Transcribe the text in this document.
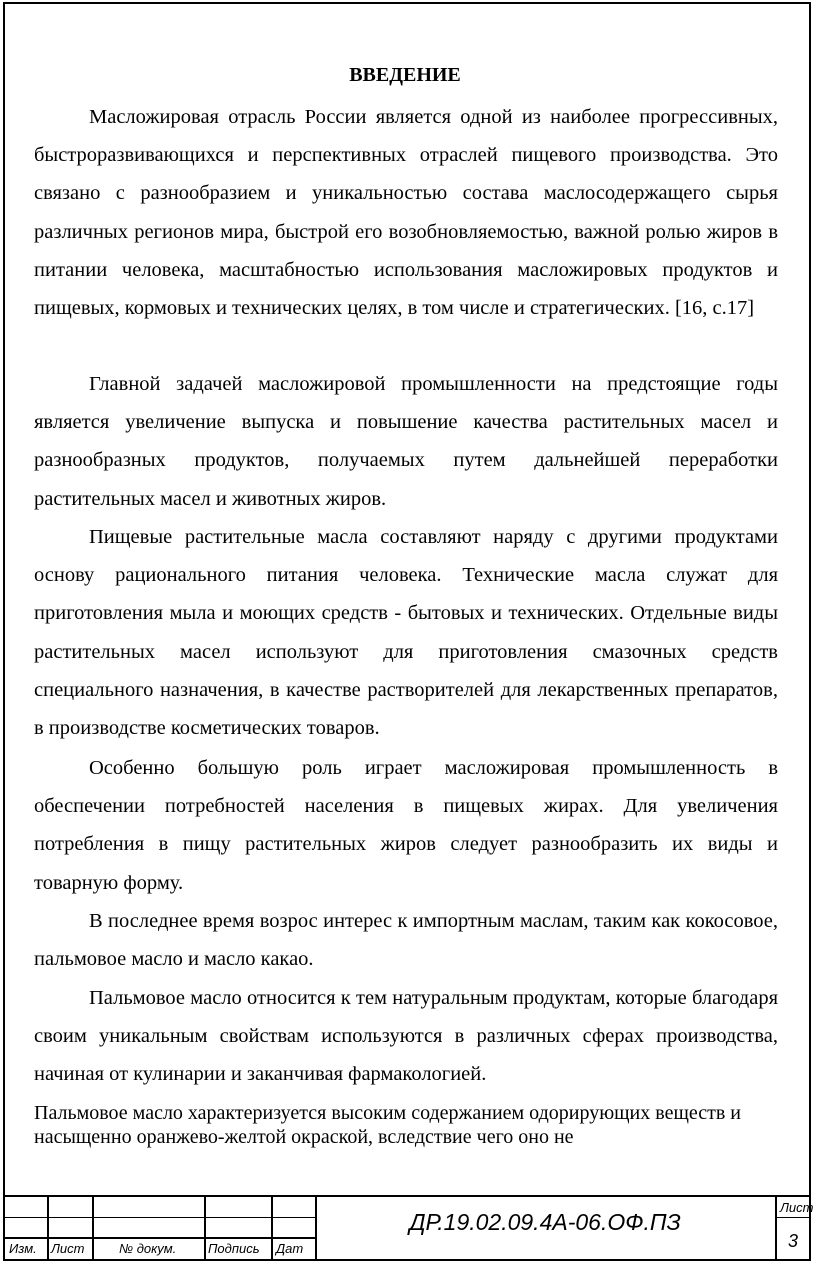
ВВЕДЕНИЕ

Масложировая отрасль России является одной из наиболее прогрессивных, быстроразвивающихся и перспективных отраслей пищевого производства. Это связано с разнообразием и уникальностью состава маслосодержащего сырья различных регионов мира, быстрой его возобновляемостью, важной ролью жиров в питании человека, масштабностью использования масложировых продуктов и пищевых, кормовых и технических целях, в том числе и стратегических. [16, с.17]

Главной задачей масложировой промышленности на предстоящие годы является увеличение выпуска и повышение качества растительных масел и разнообразных продуктов, получаемых путем дальнейшей переработки растительных масел и животных жиров.

Пищевые растительные масла составляют наряду с другими продуктами основу рационального питания человека. Технические масла служат для приготовления мыла и моющих средств - бытовых и технических. Отдельные виды растительных масел используют для приготовления смазочных средств специального назначения, в качестве растворителей для лекарственных препаратов, в производстве косметических товаров.

Особенно большую роль играет масложировая промышленность в обеспечении потребностей населения в пищевых жирах. Для увеличения потребления в пищу растительных жиров следует разнообразить их виды и товарную форму.

В последнее время возрос интерес к импортным маслам, таким как кокосовое, пальмовое масло и масло какао.

Пальмовое масло относится к тем натуральным продуктам, которые благодаря своим уникальным свойствам используются в различных сферах производства, начиная от кулинарии и заканчивая фармакологией.

Пальмовое масло характеризуется высоким содержанием одорирующих веществ и насыщенно оранжево-желтой окраской, вследствие чего оно не

Изм. Лист	№ докум. Подпись Дат
ДР.19.02.09.4А-06.ОФ.ПЗ
Лист
3
